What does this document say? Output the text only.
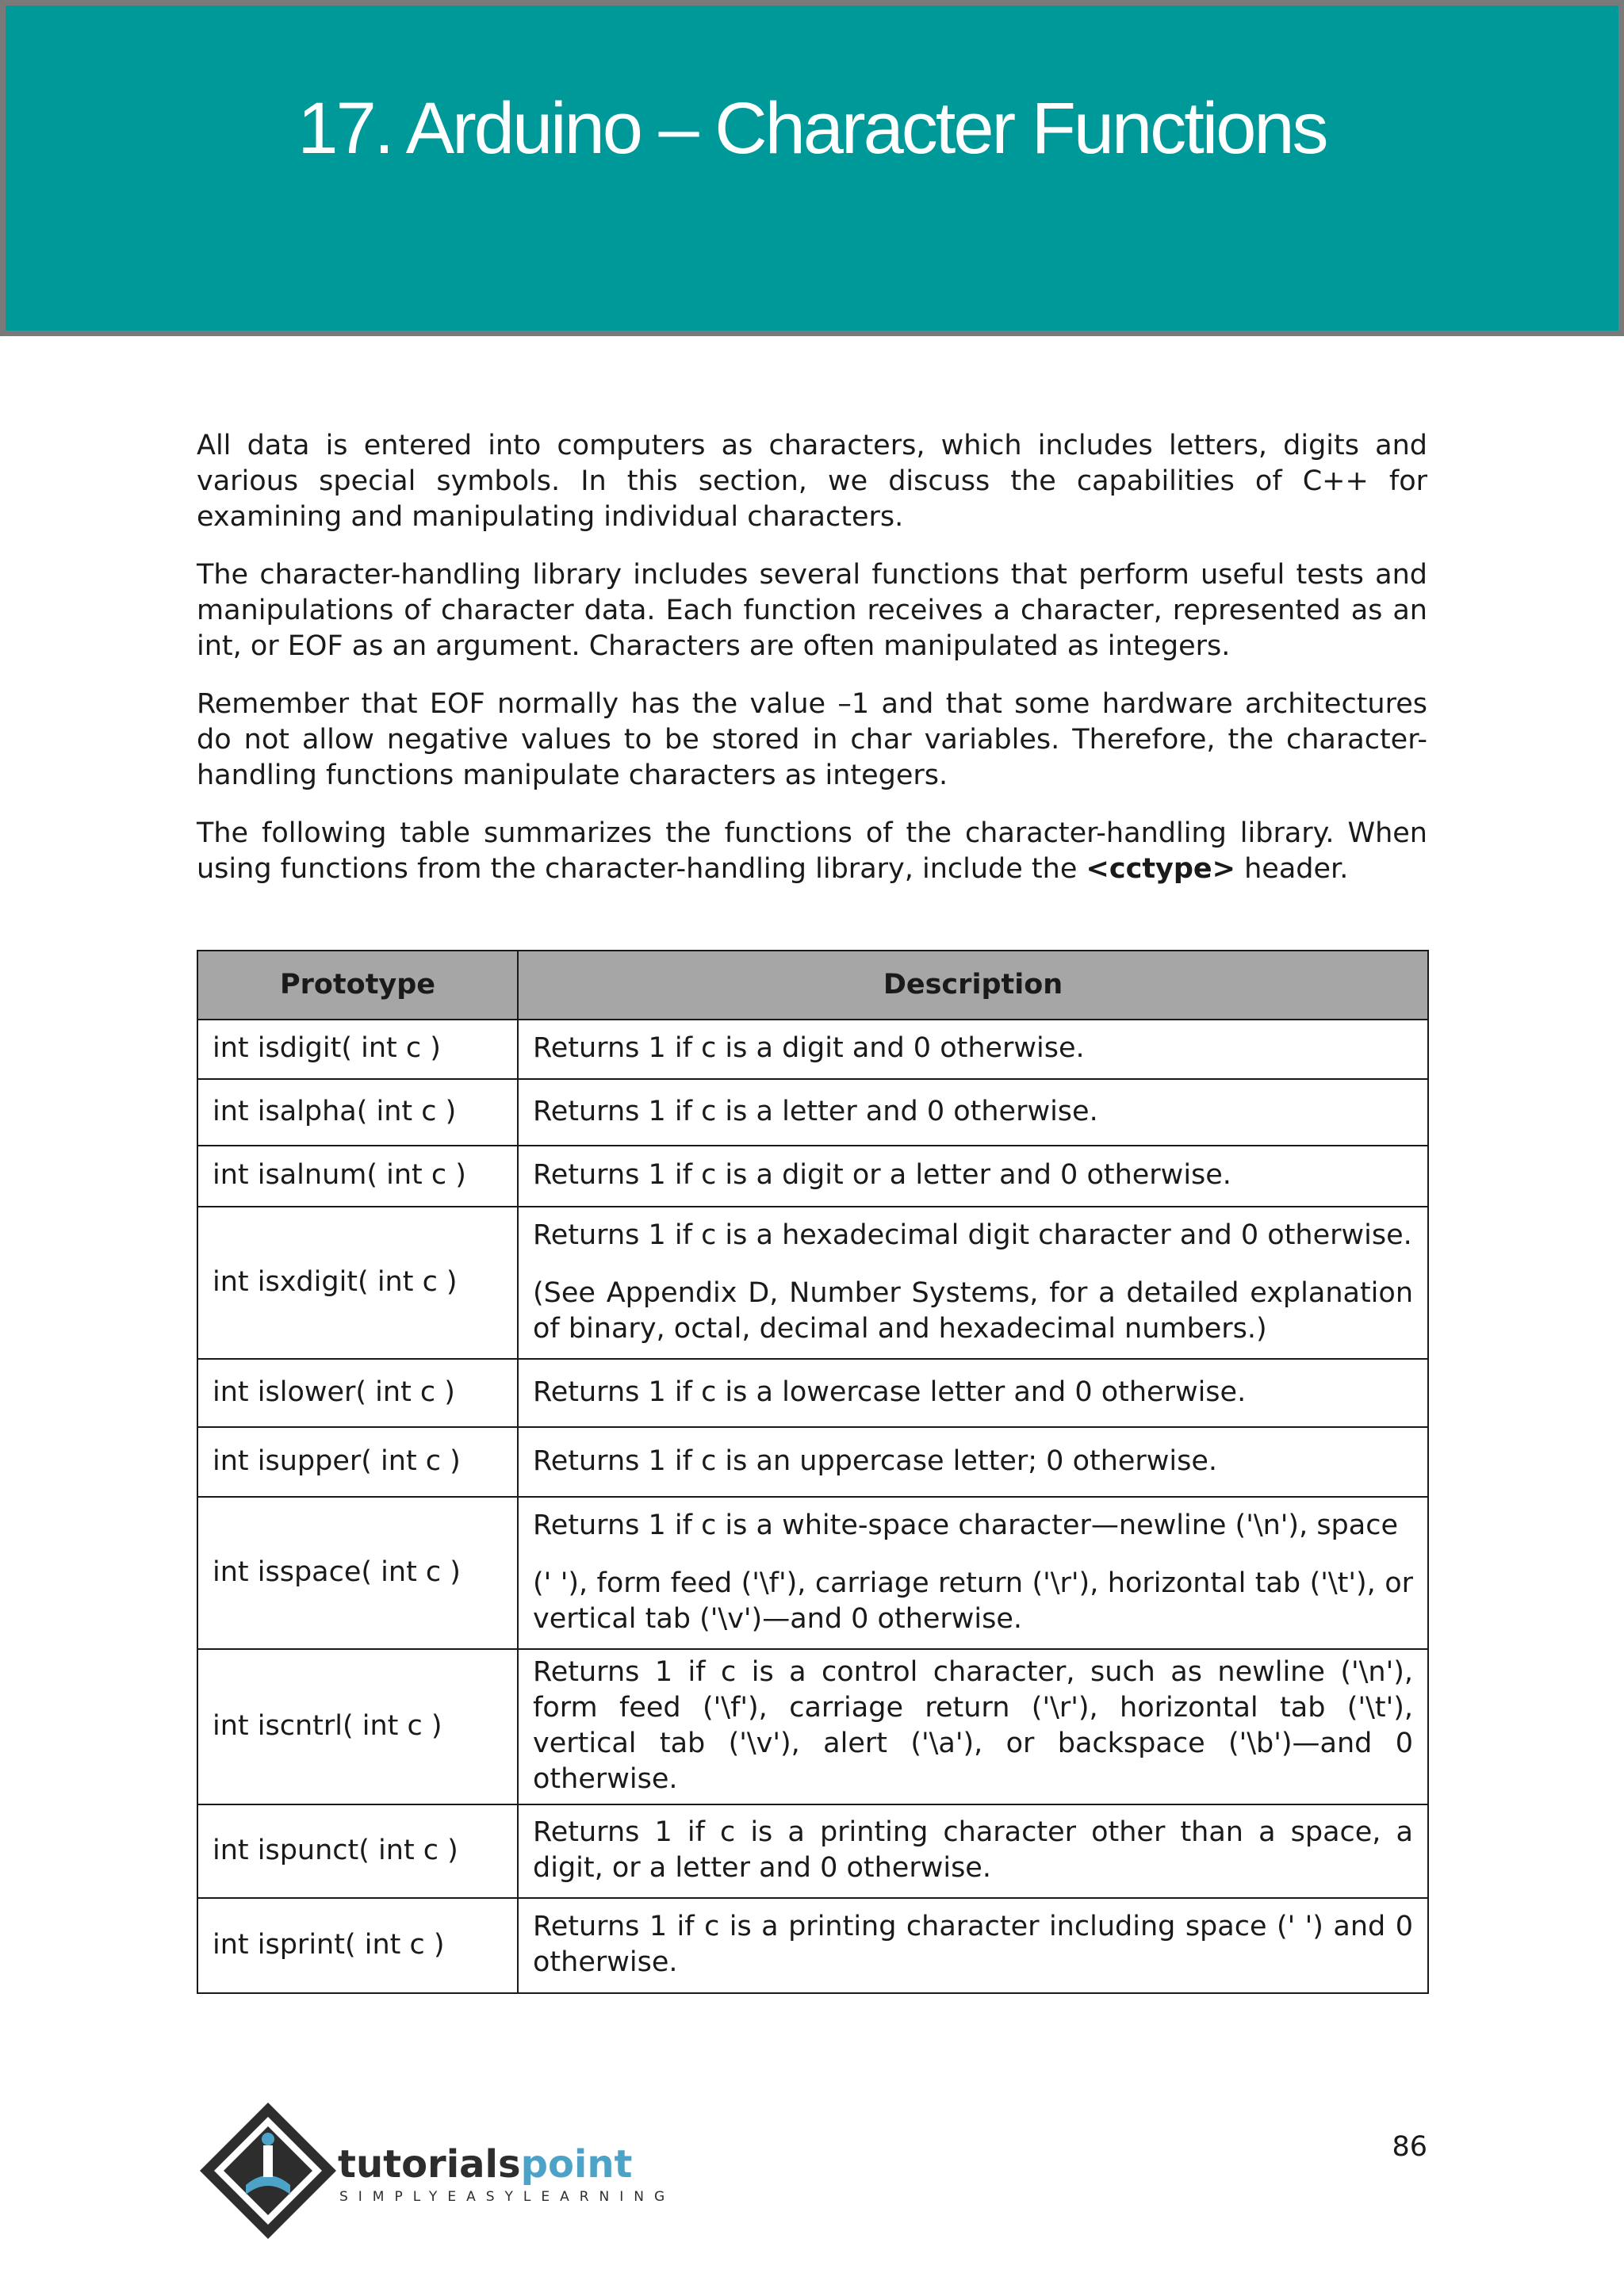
17. Arduino – Character Functions

All data is entered into computers as characters, which includes letters, digits and various special symbols. In this section, we discuss the capabilities of C++ for examining and manipulating individual characters.

The character-handling library includes several functions that perform useful tests and manipulations of character data. Each function receives a character, represented as an int, or EOF as an argument. Characters are often manipulated as integers.

Remember that EOF normally has the value –1 and that some hardware architectures do not allow negative values to be stored in char variables. Therefore, the character-handling functions manipulate characters as integers.

The following table summarizes the functions of the character-handling library. When using functions from the character-handling library, include the <cctype> header.

Prototype	Description
int isdigit( int c )	Returns 1 if c is a digit and 0 otherwise.
int isalpha( int c )	Returns 1 if c is a letter and 0 otherwise.
int isalnum( int c )	Returns 1 if c is a digit or a letter and 0 otherwise.
int isxdigit( int c )	Returns 1 if c is a hexadecimal digit character and 0 otherwise.
(See Appendix D, Number Systems, for a detailed explanation of binary, octal, decimal and hexadecimal numbers.)

int islower( int c )	Returns 1 if c is a lowercase letter and 0 otherwise.
int isupper( int c )	Returns 1 if c is an uppercase letter; 0 otherwise.
int isspace( int c )	Returns 1 if c is a white-space character—newline ('\n'), space
(' '), form feed ('\f'), carriage return ('\r'), horizontal tab ('\t'), or vertical tab ('\v')—and 0 otherwise.

int iscntrl( int c )	Returns 1 if c is a control character, such as newline ('\n'), form feed ('\f'), carriage return ('\r'), horizontal tab ('\t'), vertical tab ('\v'), alert ('\a'), or backspace ('\b')—and 0 otherwise.
int ispunct( int c )	Returns 1 if c is a printing character other than a space, a digit, or a letter and 0 otherwise.
int isprint( int c )	Returns 1 if c is a printing character including space (' ') and 0 otherwise.
tutorialspoint
SIMPLYEASYLEARNING
86
